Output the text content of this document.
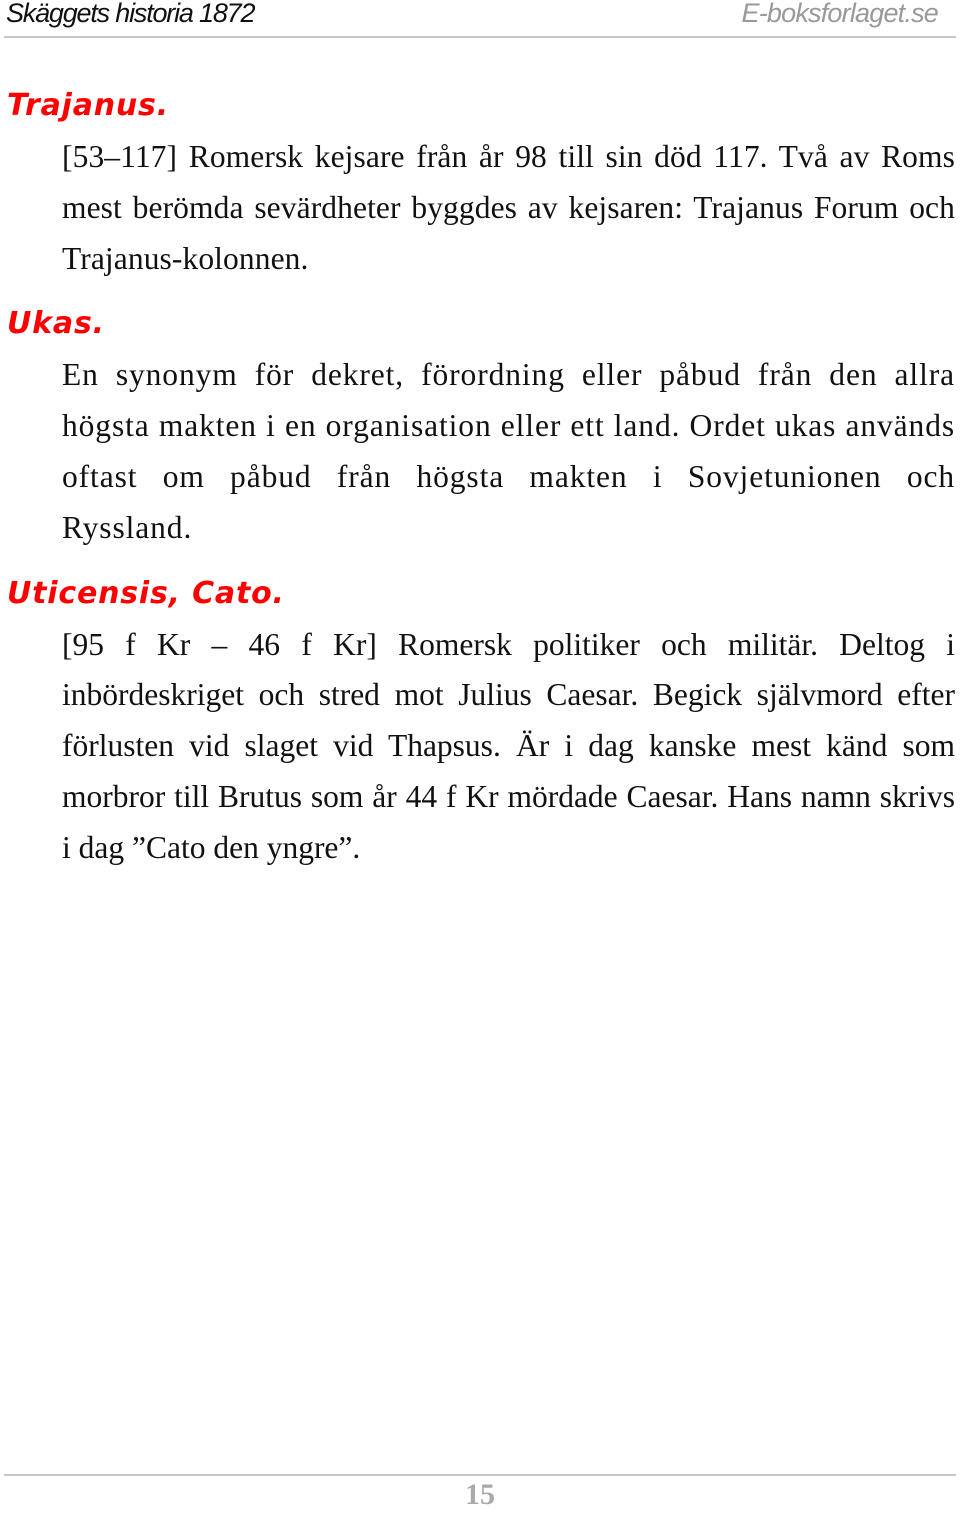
Skäggets historia 1872	E-boksforlaget.se
Trajanus.
[53–117] Romersk kejsare från år 98 till sin död 117. Två av Roms mest berömda sevärdheter byggdes av kejsaren: Trajanus Forum och Trajanus-kolonnen.
Ukas.
En synonym för dekret, förordning eller påbud från den allra högsta makten i en organisation eller ett land. Ordet ukas används oftast om påbud från högsta makten i Sovjetunionen och Ryssland.
Uticensis, Cato.
[95 f Kr – 46 f Kr] Romersk politiker och militär. Deltog i inbördeskriget och stred mot Julius Caesar. Begick självmord efter förlusten vid slaget vid Thapsus. Är i dag kanske mest känd som morbror till Brutus som år 44 f Kr mördade Caesar. Hans namn skrivs i dag ”Cato den yngre”.
15
